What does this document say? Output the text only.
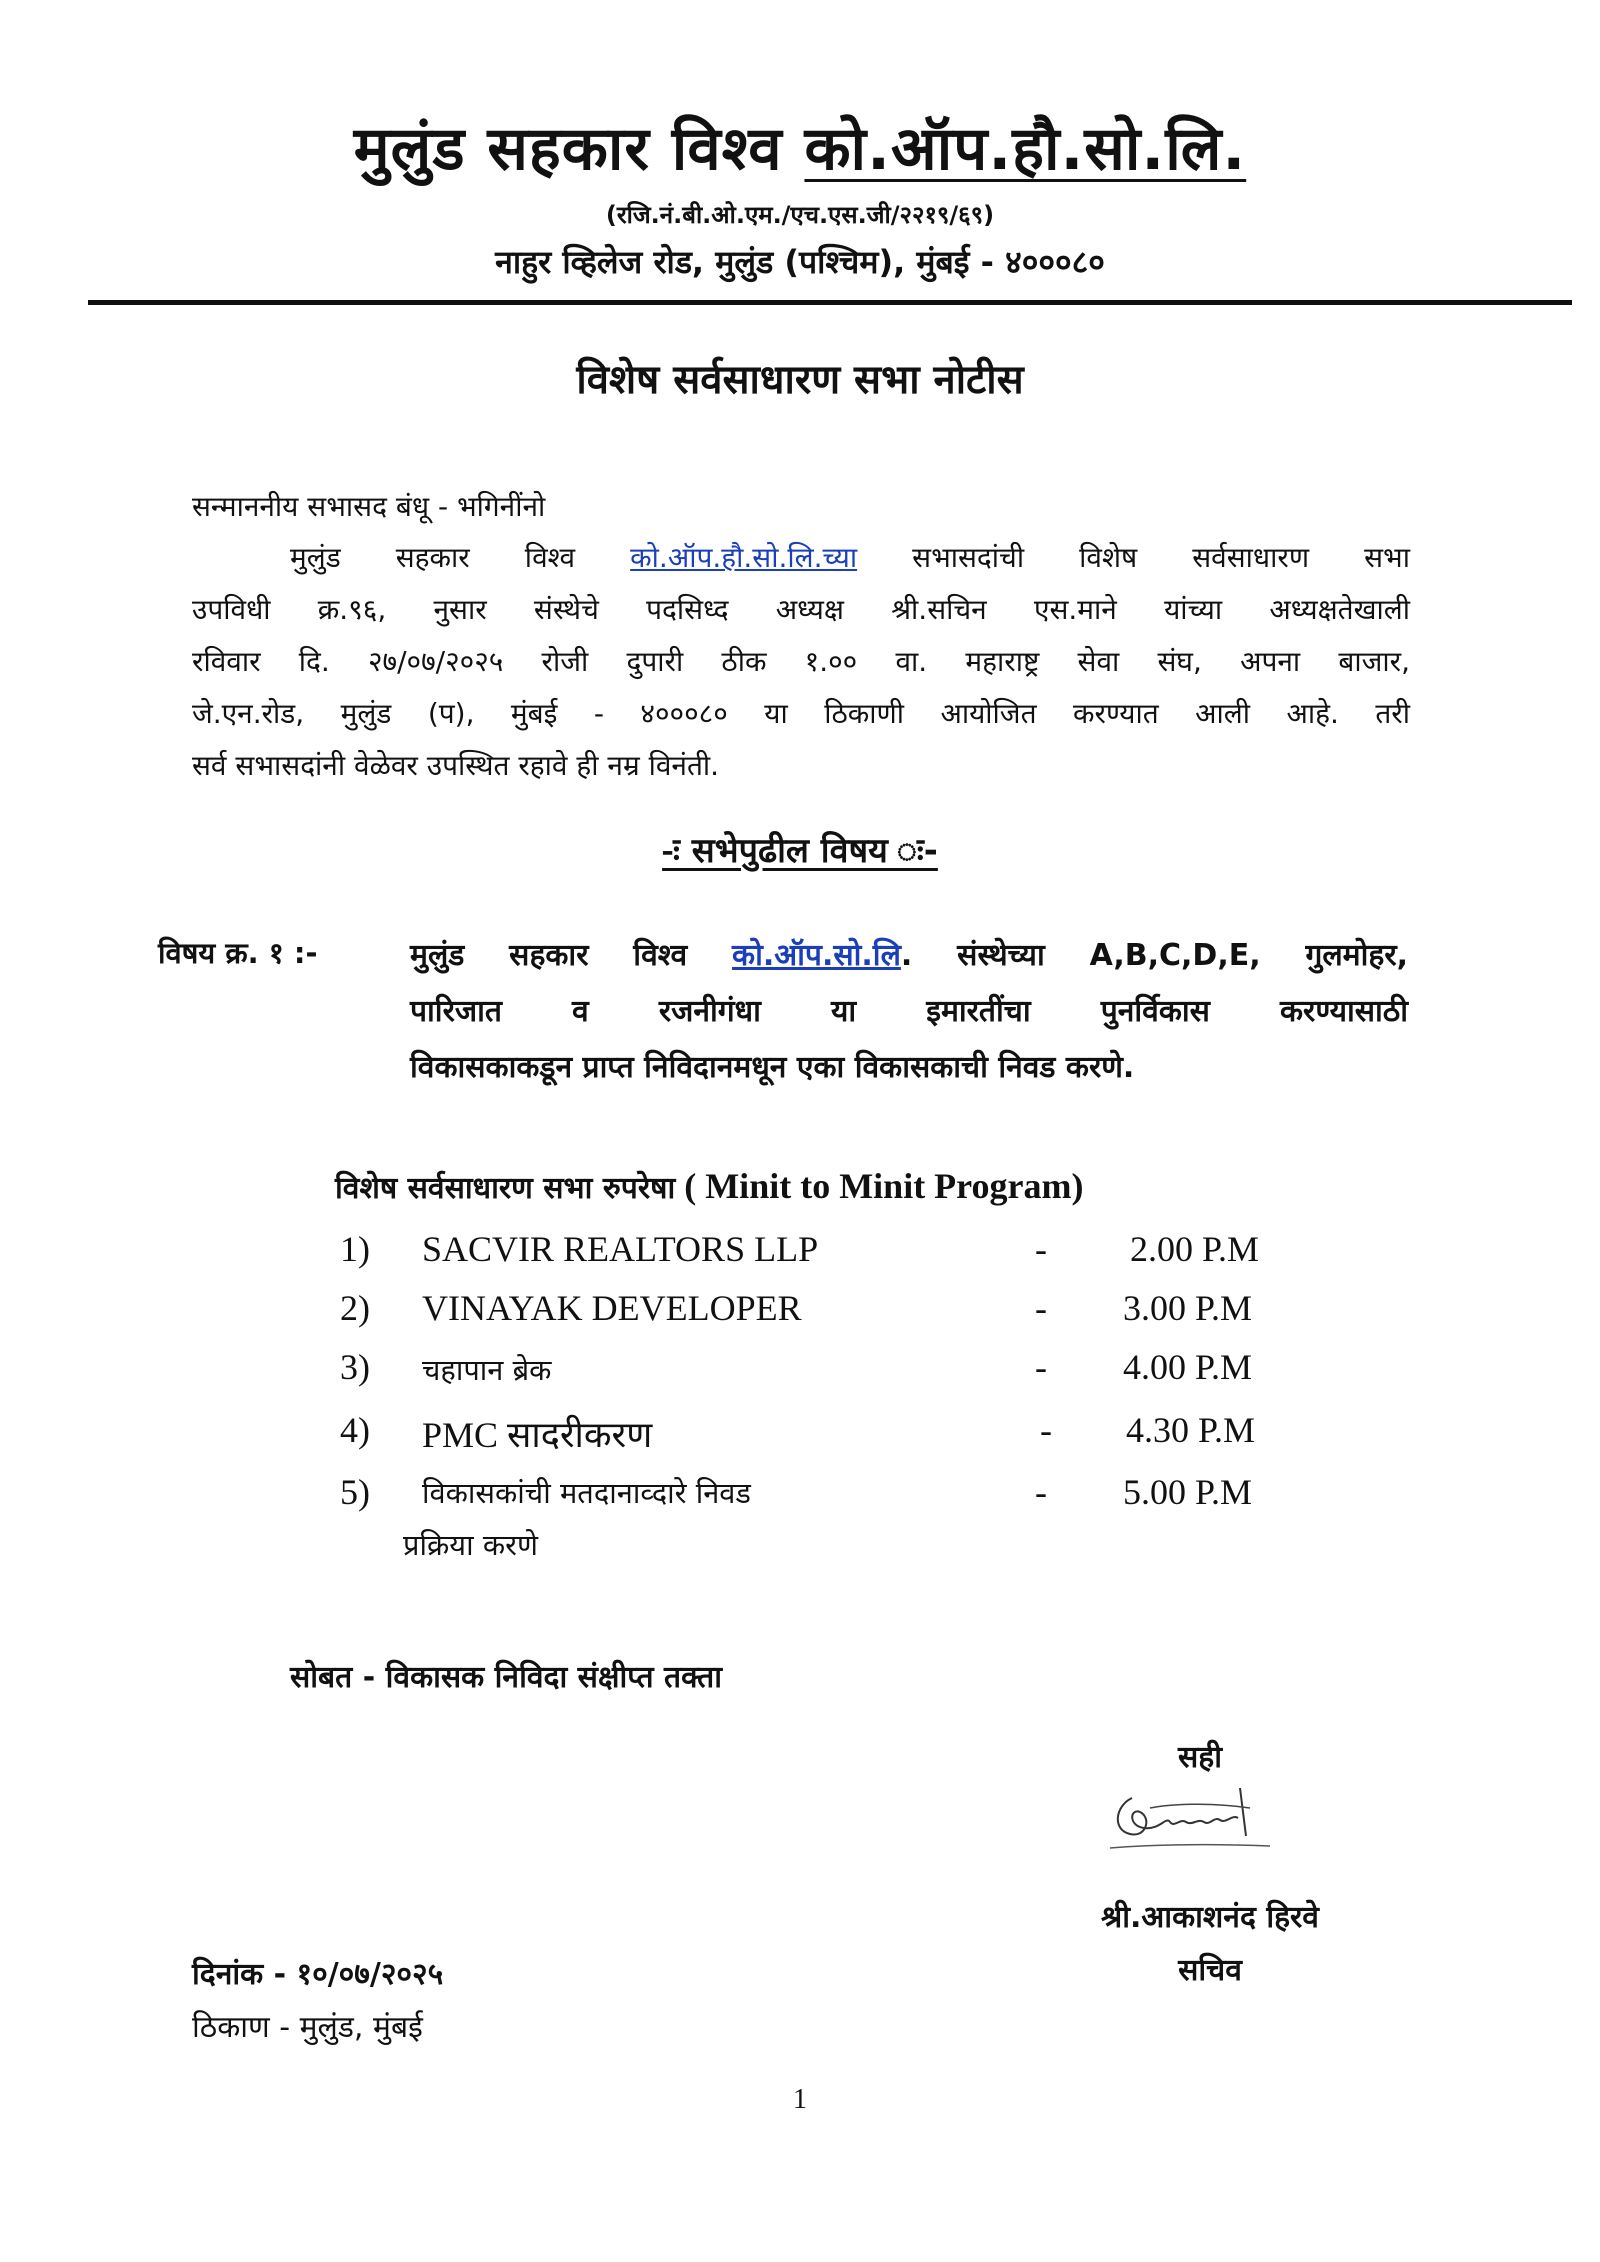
मुलुंड सहकार विश्व को.ऑप.हौ.सो.लि.
(रजि.नं.बी.ओ.एम./एच.एस.जी/२२१९/६९)
नाहुर व्हिलेज रोड, मुलुंड (पश्चिम), मुंबई - ४०००८०
विशेष सर्वसाधारण सभा नोटीस
सन्माननीय सभासद बंधू - भगिनींनो
मुलुंड सहकार विश्व को.ऑप.हौ.सो.लि.च्या सभासदांची विशेष सर्वसाधारण सभा
उपविधी क्र.९६, नुसार संस्थेचे पदसिध्द अध्यक्ष श्री.सचिन एस.माने यांच्या अध्यक्षतेखाली
रविवार दि. २७/०७/२०२५ रोजी दुपारी ठीक १.०० वा. महाराष्ट्र सेवा संघ, अपना बाजार,
जे.एन.रोड, मुलुंड (प), मुंबई - ४०००८० या ठिकाणी आयोजित करण्यात आली आहे. तरी
सर्व सभासदांनी वेळेवर उपस्थित रहावे ही नम्र विनंती.
-ः सभेपुढील विषय ः-
विषय क्र. १ :-	मुलुंड सहकार विश्व को.ऑप.सो.लि. संस्थेच्या A,B,C,D,E, गुलमोहर,
पारिजात व रजनीगंधा या इमारतींचा पुनर्विकास करण्यासाठी
विकासकाकडून प्राप्त निविदानमधून एका विकासकाची निवड करणे.
विशेष सर्वसाधारण सभा रुपरेषा ( Minit to Minit Program)
1) SACVIR REALTORS LLP	- 2.00 P.M
2) VINAYAK DEVELOPER	- 3.00 P.M
3) चहापान ब्रेक	- 4.00 P.M
4) PMC सादरीकरण	- 4.30 P.M
5) विकासकांची मतदानाव्दारे निवड	- 5.00 P.M
प्रक्रिया करणे
सोबत - विकासक निविदा संक्षीप्त तक्ता
सही
श्री.आकाशनंद हिरवे
सचिव
दिनांक - १०/०७/२०२५
ठिकाण - मुलुंड, मुंबई
1
